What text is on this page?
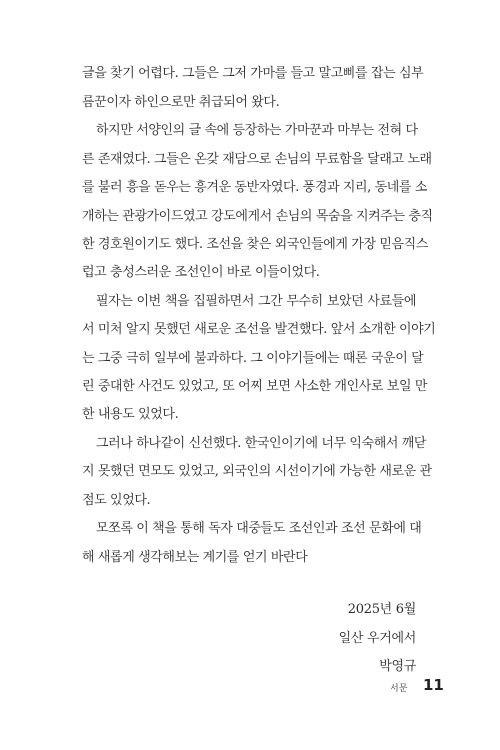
글을 찾기 어렵다. 그들은 그저 가마를 들고 말고삐를 잡는 심부
름꾼이자 하인으로만 취급되어 왔다.
하지만 서양인의 글 속에 등장하는 가마꾼과 마부는 전혀 다
른 존재였다. 그들은 온갖 재담으로 손님의 무료함을 달래고 노래
를 불러 흥을 돋우는 흥겨운 동반자였다. 풍경과 지리, 동네를 소
개하는 관광가이드였고 강도에게서 손님의 목숨을 지켜주는 충직
한 경호원이기도 했다. 조선을 찾은 외국인들에게 가장 믿음직스
럽고 충성스러운 조선인이 바로 이들이었다.
필자는 이번 책을 집필하면서 그간 무수히 보았던 사료들에
서 미처 알지 못했던 새로운 조선을 발견했다. 앞서 소개한 이야기
는 그중 극히 일부에 불과하다. 그 이야기들에는 때론 국운이 달
린 중대한 사건도 있었고, 또 어찌 보면 사소한 개인사로 보일 만
한 내용도 있었다.
그러나 하나같이 신선했다. 한국인이기에 너무 익숙해서 깨닫
지 못했던 면모도 있었고, 외국인의 시선이기에 가능한 새로운 관
점도 있었다.
모쪼록 이 책을 통해 독자 대중들도 조선인과 조선 문화에 대
해 새롭게 생각해보는 계기를 얻기 바란다
2025년 6월
일산 우거에서
박영규
서문 11
